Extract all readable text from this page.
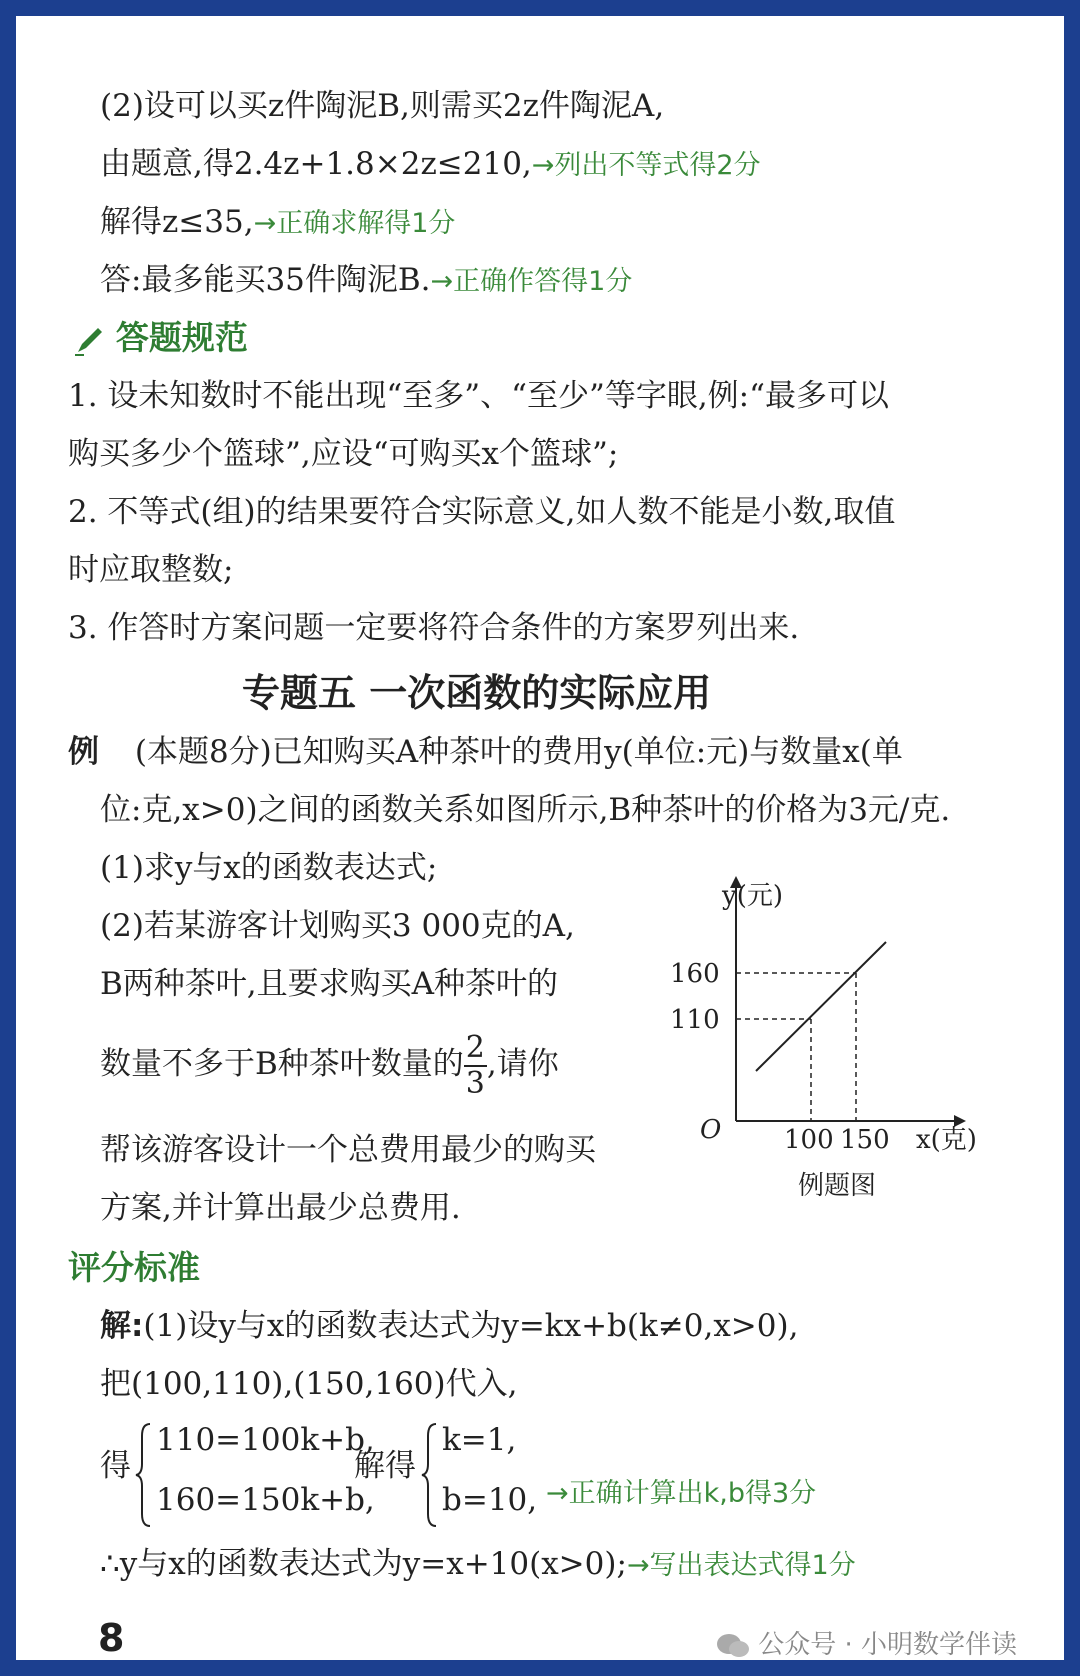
(2)设可以买z件陶泥B,则需买2z件陶泥A,
由题意,得2.4z+1.8×2z≤210,→列出不等式得2分
解得z≤35,→正确求解得1分
答:最多能买35件陶泥B.→正确作答得1分
答题规范
1. 设未知数时不能出现“至多”、“至少”等字眼,例:“最多可以
购买多少个篮球”,应设“可购买x个篮球”;
2. 不等式(组)的结果要符合实际意义,如人数不能是小数,取值
时应取整数;
3. 作答时方案问题一定要将符合条件的方案罗列出来.
专题五 一次函数的实际应用
例 (本题8分)已知购买A种茶叶的费用y(单位:元)与数量x(单
位:克,x>0)之间的函数关系如图所示,B种茶叶的价格为3元/克.
(1)求y与x的函数表达式;
(2)若某游客计划购买3 000克的A,
B两种茶叶,且要求购买A种茶叶的
数量不多于B种茶叶数量的 $\frac{2}{3}$ ,请你
帮该游客设计一个总费用最少的购买
方案,并计算出最少总费用.
y(元)
x(克)
O
160
110
100 150
例题图
评分标准
解:(1)设y与x的函数表达式为y=kx+b(k≠0,x>0),
把(100,110),(150,160)代入,
得
110=100k+b,
160=150k+b,
解得
k=1,
b=10, →正确计算出k,b得3分
∴y与x的函数表达式为y=x+10(x>0);→写出表达式得1分
8	公众号 · 小明数学伴读
